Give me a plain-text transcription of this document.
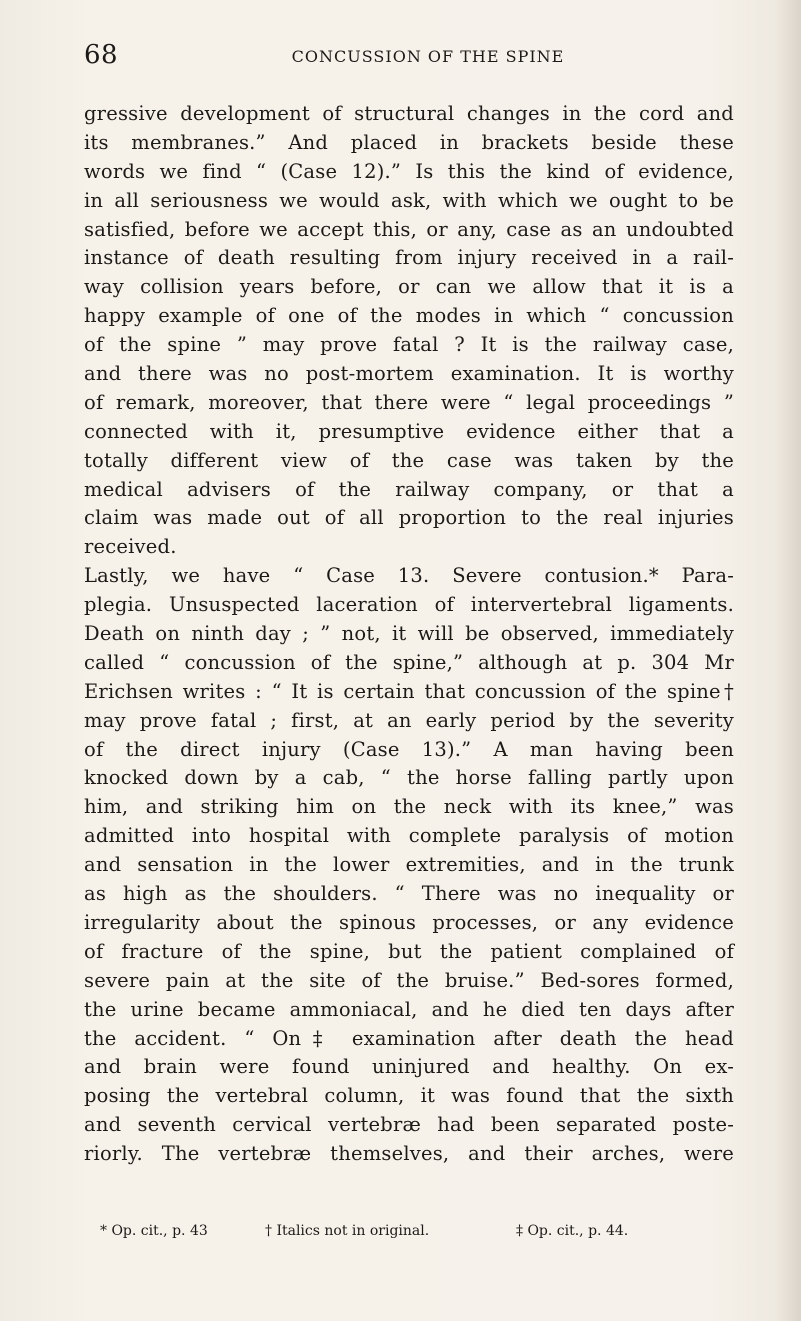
68	CONCUSSION OF THE SPINE
gressive development of structural changes in the cord and
its membranes.” And placed in brackets beside these
words we find “ (Case 12).” Is this the kind of evidence,
in all seriousness we would ask, with which we ought to be
satisfied, before we accept this, or any, case as an undoubted
instance of death resulting from injury received in a rail-
way collision years before, or can we allow that it is a
happy example of one of the modes in which “ concussion
of the spine ” may prove fatal ? It is the railway case,
and there was no post-mortem examination. It is worthy
of remark, moreover, that there were “ legal proceedings ”
connected with it, presumptive evidence either that a
totally different view of the case was taken by the
medical advisers of the railway company, or that a
claim was made out of all proportion to the real injuries
received.
Lastly, we have “ Case 13. Severe contusion.* Para-
plegia. Unsuspected laceration of intervertebral ligaments.
Death on ninth day ; ” not, it will be observed, immediately
called “ concussion of the spine,” although at p. 304 Mr
Erichsen writes : “ It is certain that concussion of the spine†
may prove fatal ; first, at an early period by the severity
of the direct injury (Case 13).” A man having been
knocked down by a cab, “ the horse falling partly upon
him, and striking him on the neck with its knee,” was
admitted into hospital with complete paralysis of motion
and sensation in the lower extremities, and in the trunk
as high as the shoulders. “ There was no inequality or
irregularity about the spinous processes, or any evidence
of fracture of the spine, but the patient complained of
severe pain at the site of the bruise.” Bed-sores formed,
the urine became ammoniacal, and he died ten days after
the accident. “ On‡ examination after death the head
and brain were found uninjured and healthy. On ex-
posing the vertebral column, it was found that the sixth
and seventh cervical vertebræ had been separated poste-
riorly. The vertebræ themselves, and their arches, were
* Op. cit., p. 43	† Italics not in original.	‡ Op. cit., p. 44.
